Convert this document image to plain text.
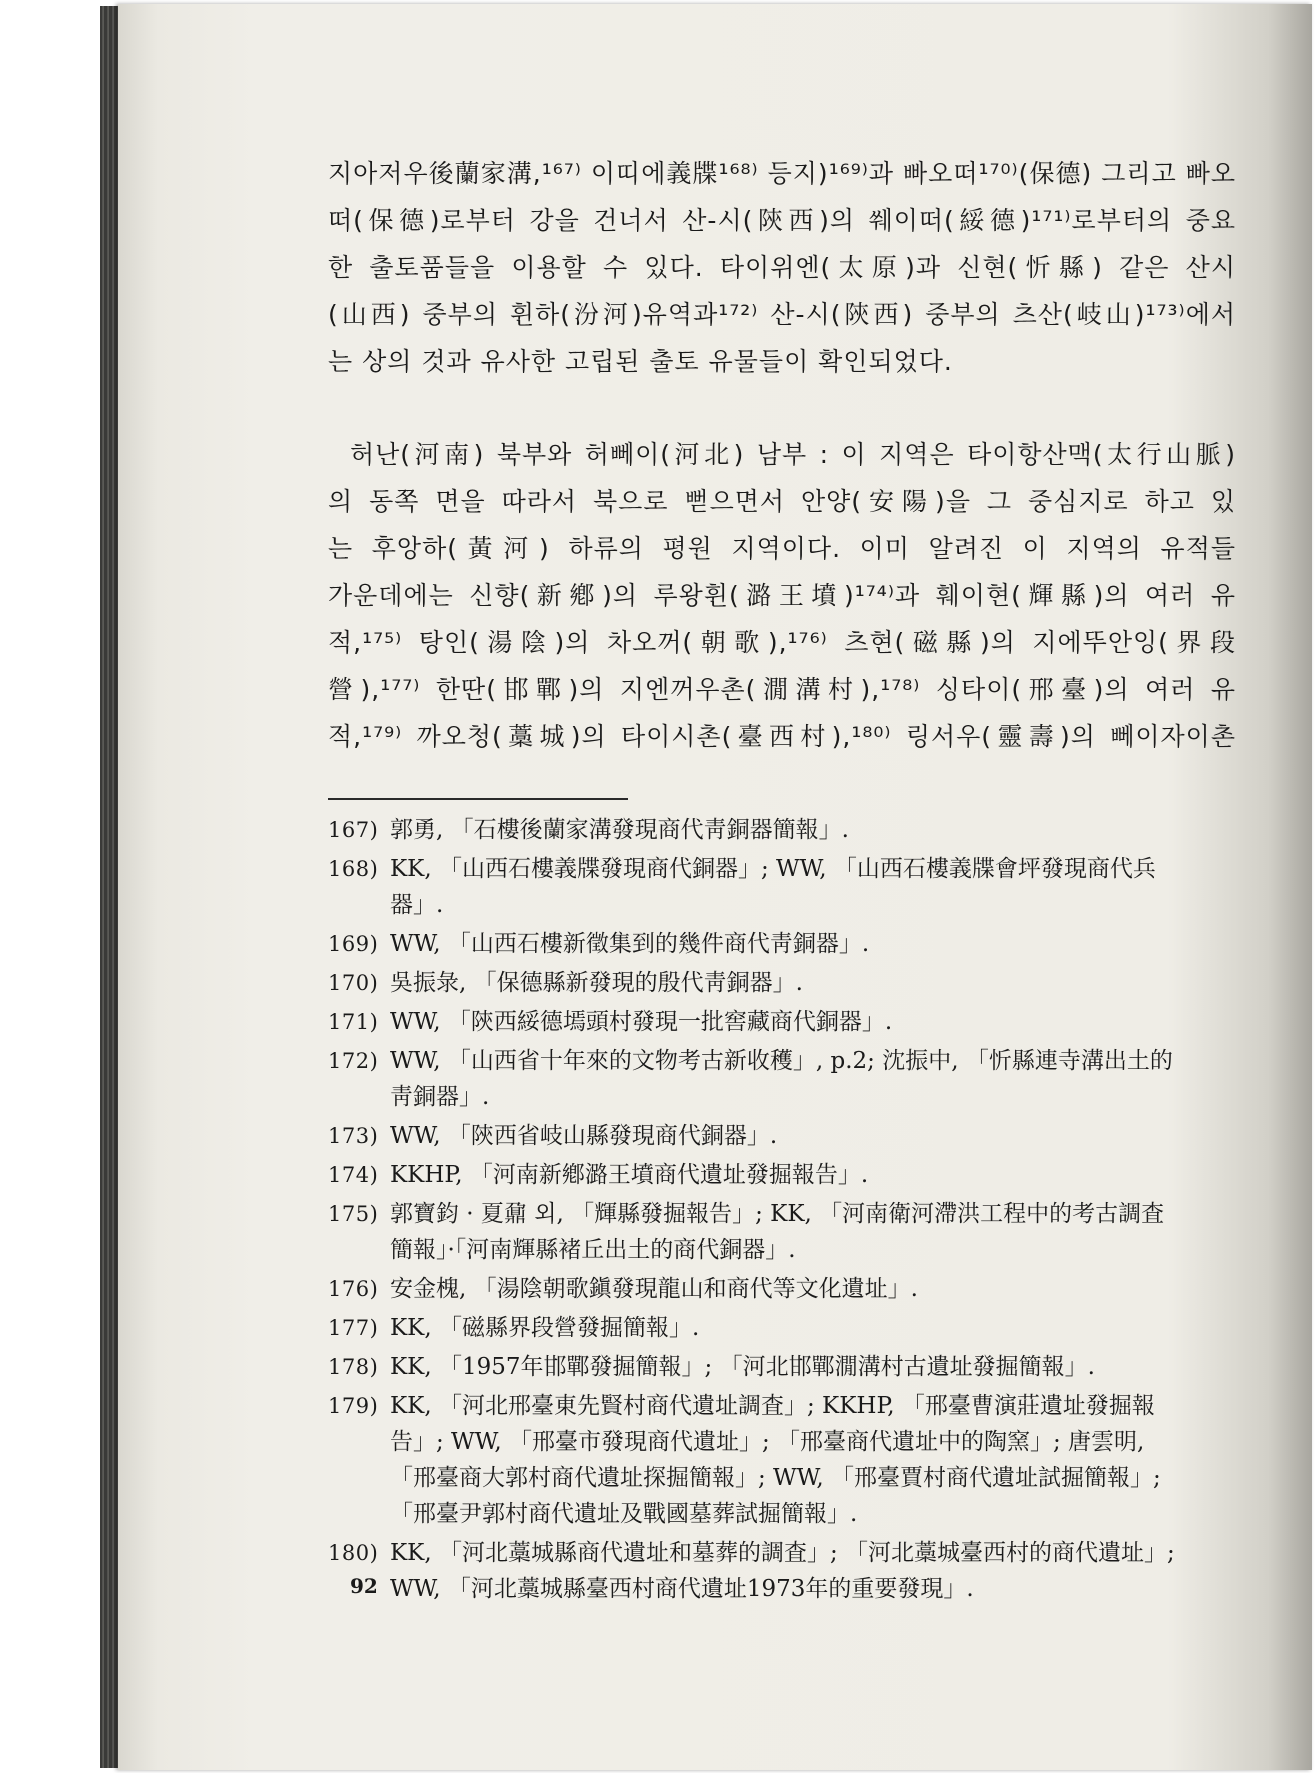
지아저우後蘭家溝,¹⁶⁷⁾ 이띠에義牒¹⁶⁸⁾ 등지)¹⁶⁹⁾과 빠오떠¹⁷⁰⁾(保德) 그리고 빠오
떠(保德)로부터 강을 건너서 산-시(陝西)의 쒜이떠(綏德)¹⁷¹⁾로부터의 중요
한 출토품들을 이용할 수 있다. 타이위엔(太原)과 신현(忻縣) 같은 산시
(山西) 중부의 휜하(汾河)유역과¹⁷²⁾ 산-시(陝西) 중부의 츠산(岐山)¹⁷³⁾에서
는 상의 것과 유사한 고립된 출토 유물들이 확인되었다.

허난(河南) 북부와 허뻬이(河北) 남부 : 이 지역은 타이항산맥(太行山脈)
의 동쪽 면을 따라서 북으로 뻗으면서 안양(安陽)을 그 중심지로 하고 있
는 후앙하(黃河) 하류의 평원 지역이다. 이미 알려진 이 지역의 유적들
가운데에는 신향(新鄕)의 루왕휜(潞王墳)¹⁷⁴⁾과 훼이현(輝縣)의 여러 유
적,¹⁷⁵⁾ 탕인(湯陰)의 차오꺼(朝歌),¹⁷⁶⁾ 츠현(磁縣)의 지에뚜안잉(界段
營),¹⁷⁷⁾ 한딴(邯鄲)의 지엔꺼우촌(㵎溝村),¹⁷⁸⁾ 싱타이(邢臺)의 여러 유
적,¹⁷⁹⁾ 까오청(藁城)의 타이시촌(臺西村),¹⁸⁰⁾ 링서우(靈壽)의 뻬이자이촌

167) 郭勇, 「石樓後蘭家溝發現商代靑銅器簡報」.
168) KK, 「山西石樓義牒發現商代銅器」; WW, 「山西石樓義牒會坪發現商代兵
器」.
169) WW, 「山西石樓新徵集到的幾件商代靑銅器」.
170) 吳振彔, 「保德縣新發現的殷代靑銅器」.
171) WW, 「陝西綏德墕頭村發現一批窖藏商代銅器」.
172) WW, 「山西省十年來的文物考古新收穫」, p.2; 沈振中, 「忻縣連寺溝出土的
靑銅器」.
173) WW, 「陝西省岐山縣發現商代銅器」.
174) KKHP, 「河南新鄕潞王墳商代遺址發掘報告」.
175) 郭寶鈞 · 夏鼐 외, 「輝縣發掘報告」; KK, 「河南衛河滯洪工程中的考古調査
簡報」·「河南輝縣褚丘出土的商代銅器」.
176) 安金槐, 「湯陰朝歌鎭發現龍山和商代等文化遺址」.
177) KK, 「磁縣界段營發掘簡報」.
178) KK, 「1957年邯鄲發掘簡報」; 「河北邯鄲㵎溝村古遺址發掘簡報」.
179) KK, 「河北邢臺東先賢村商代遺址調査」; KKHP, 「邢臺曹演莊遺址發掘報
告」; WW, 「邢臺市發現商代遺址」; 「邢臺商代遺址中的陶窯」; 唐雲明,
「邢臺商大郭村商代遺址探掘簡報」; WW, 「邢臺賈村商代遺址試掘簡報」;
「邢臺尹郭村商代遺址及戰國墓葬試掘簡報」.
180) KK, 「河北藁城縣商代遺址和墓葬的調査」; 「河北藁城臺西村的商代遺址」;
WW, 「河北藁城縣臺西村商代遺址1973年的重要發現」.
92
